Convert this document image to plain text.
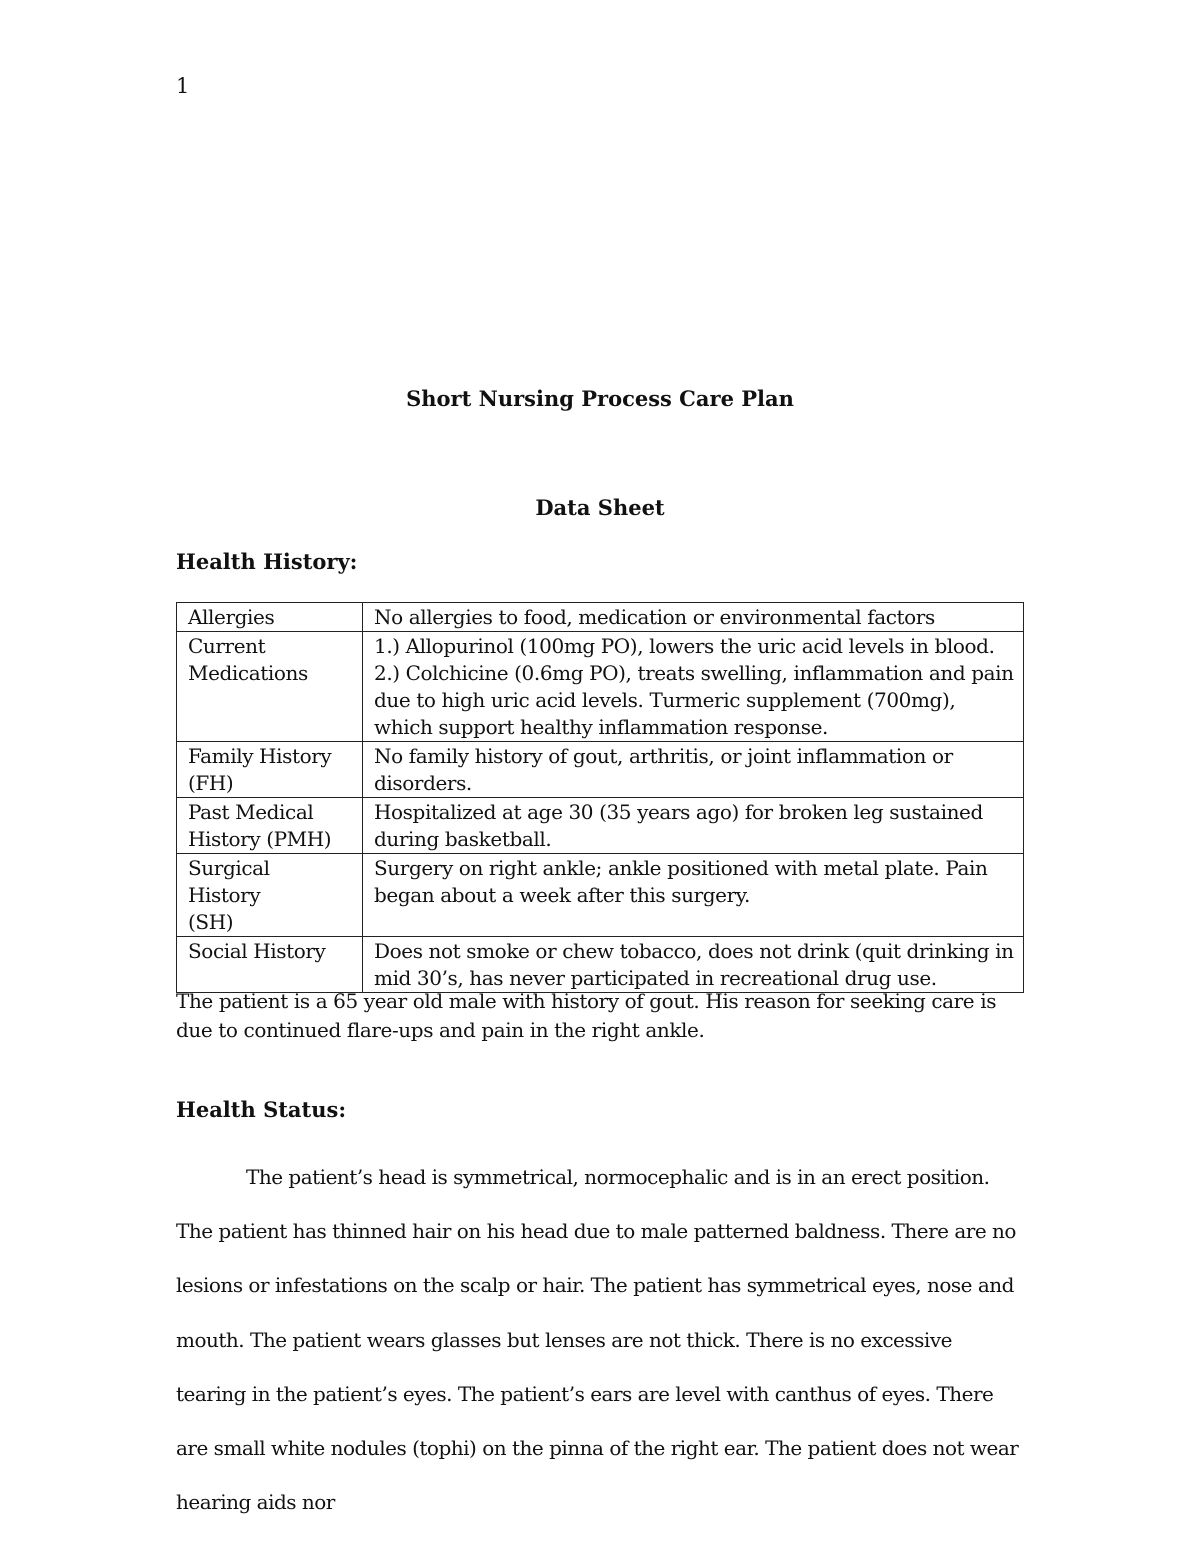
1
Short Nursing Process Care Plan
Data Sheet
Health History:
Allergies	No allergies to food, medication or environmental factors
Current Medications	1.) Allopurinol (100mg PO), lowers the uric acid levels in blood. 2.) Colchicine (0.6mg PO), treats swelling, inflammation and pain due to high uric acid levels. Turmeric supplement (700mg), which support healthy inflammation response.
Family History (FH)	No family history of gout, arthritis, or joint inflammation or disorders.
Past Medical History (PMH)	Hospitalized at age 30 (35 years ago) for broken leg sustained during basketball.
Surgical History (SH)	Surgery on right ankle; ankle positioned with metal plate. Pain began about a week after this surgery.
Social History	Does not smoke or chew tobacco, does not drink (quit drinking in mid 30’s, has never participated in recreational drug use.
The patient is a 65 year old male with history of gout. His reason for seeking care is due to continued flare-ups and pain in the right ankle.
Health Status:

The patient’s head is symmetrical, normocephalic and is in an erect position. The patient has thinned hair on his head due to male patterned baldness. There are no lesions or infestations on the scalp or hair. The patient has symmetrical eyes, nose and mouth. The patient wears glasses but lenses are not thick. There is no excessive tearing in the patient’s eyes. The patient’s ears are level with canthus of eyes. There are small white nodules (tophi) on the pinna of the right ear. The patient does not wear hearing aids nor
